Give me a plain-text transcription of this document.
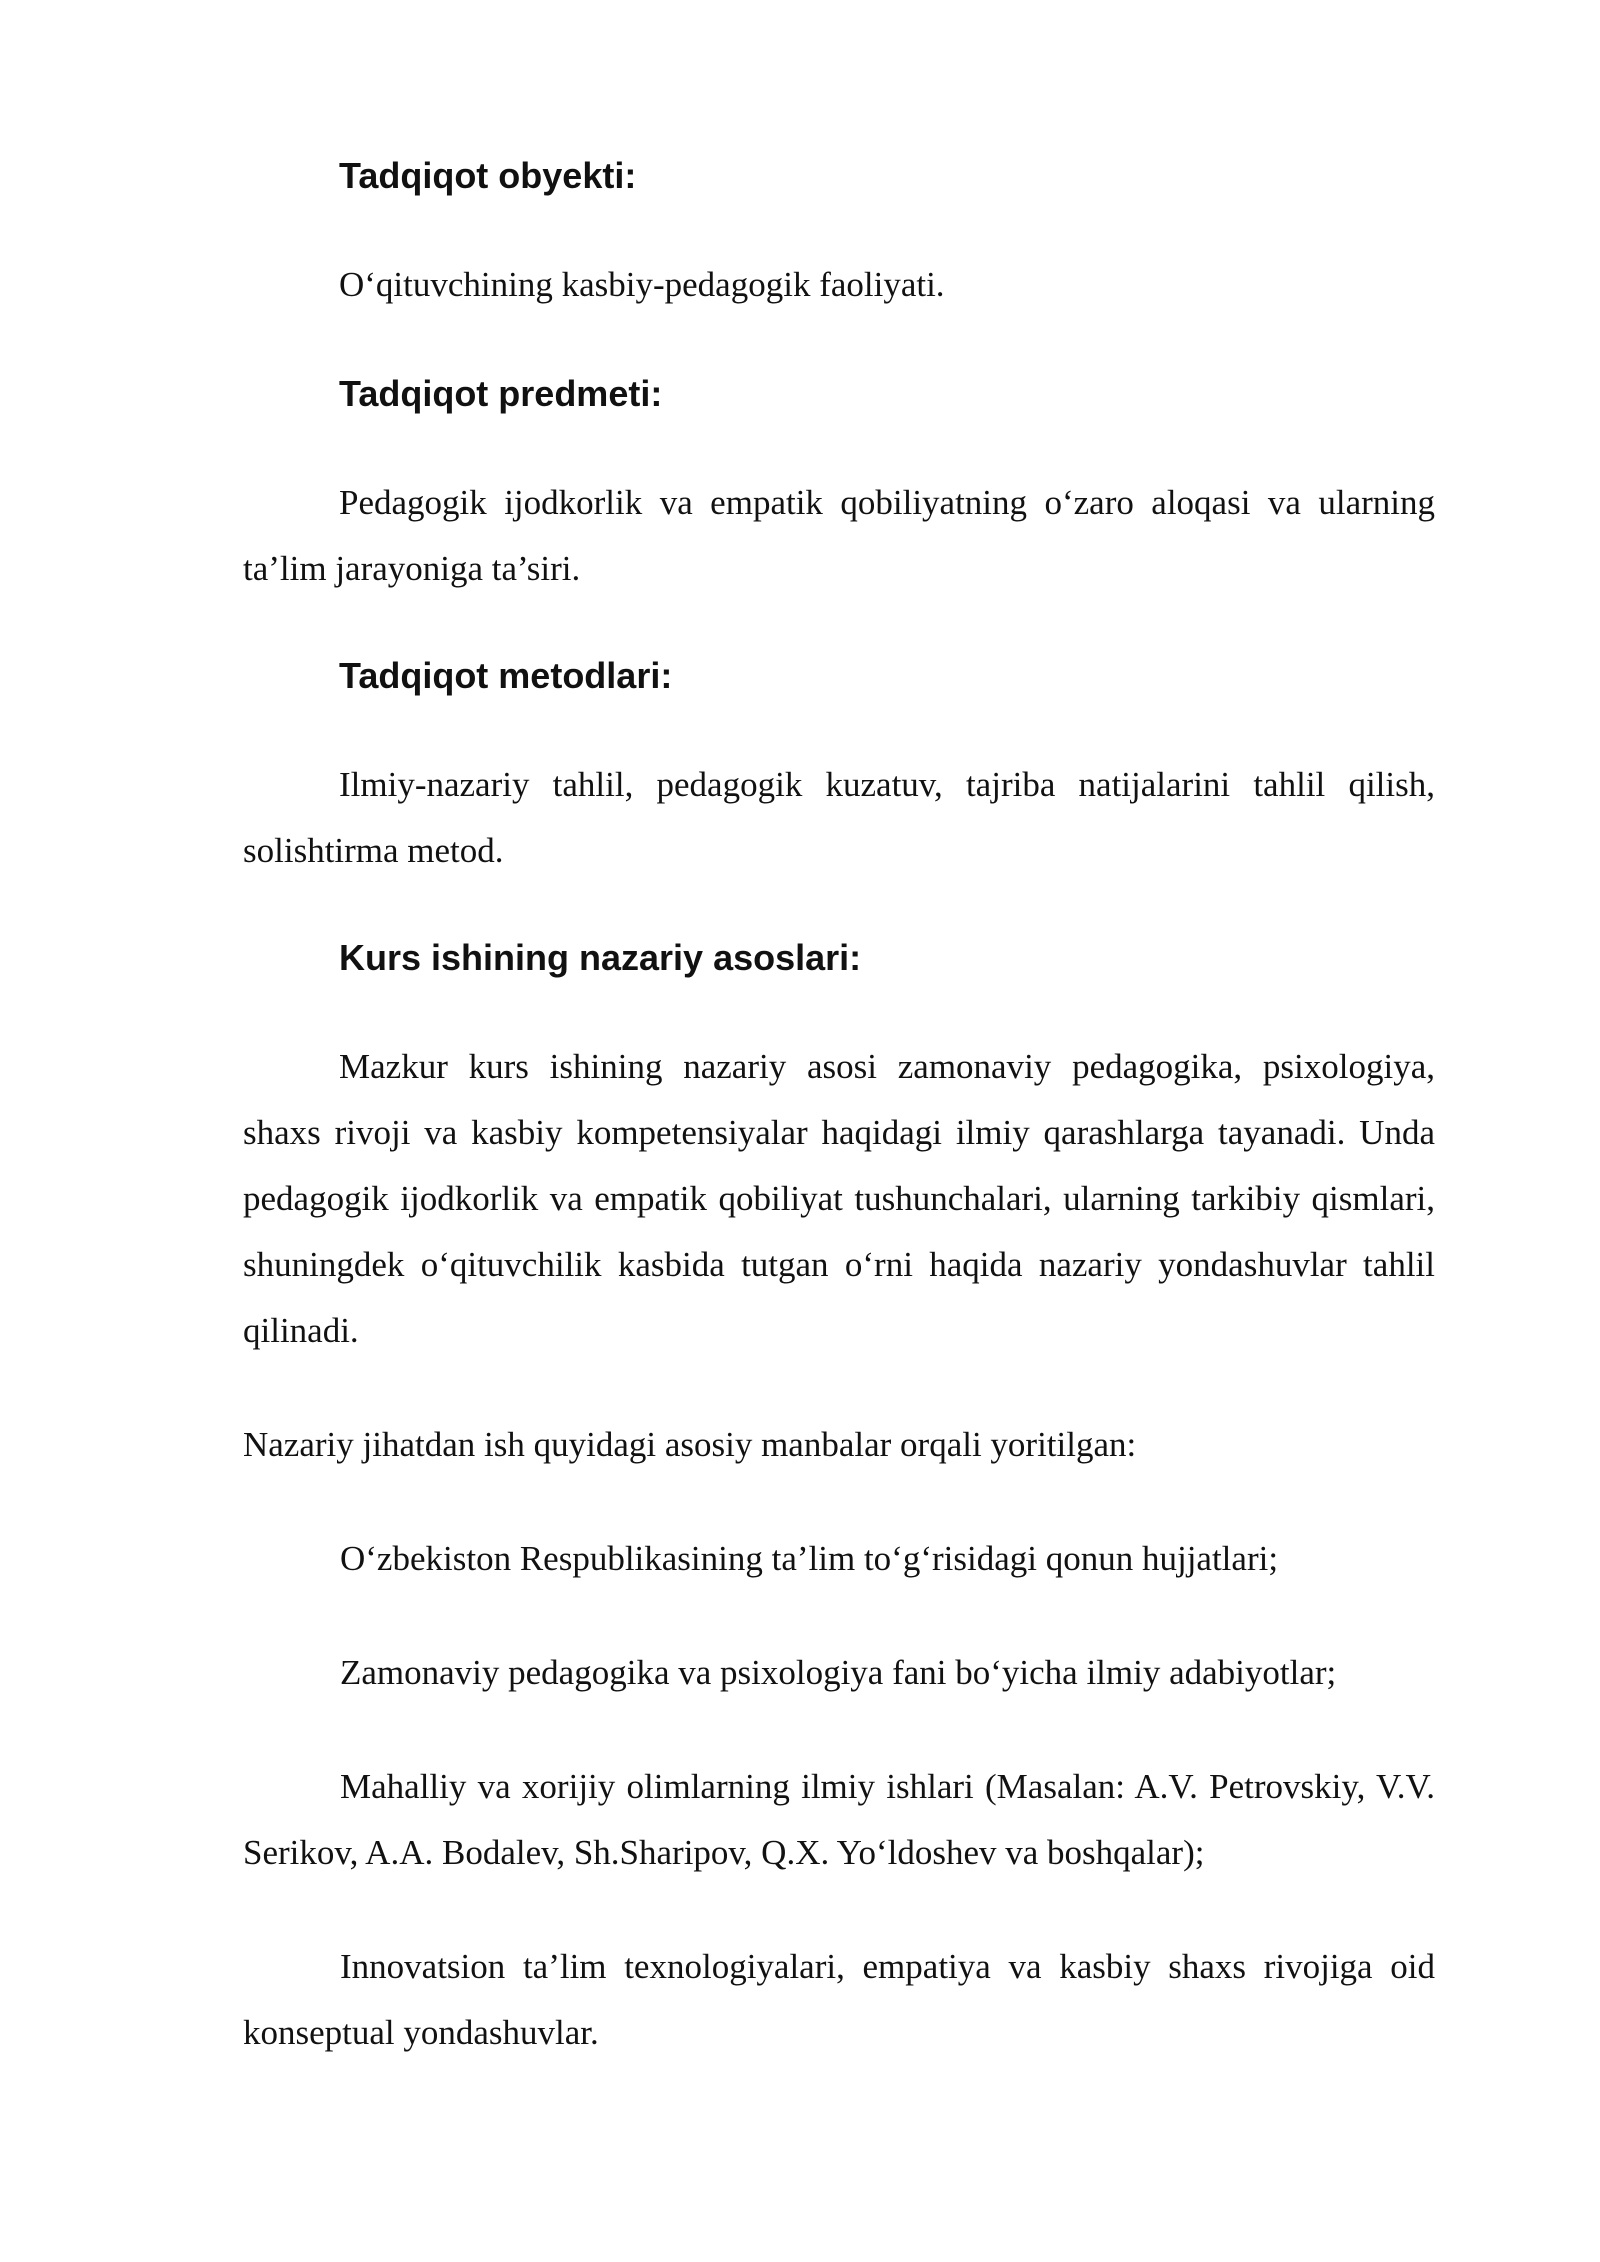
Tadqiqot obyekti:

O‘qituvchining kasbiy-pedagogik faoliyati.

Tadqiqot predmeti:

Pedagogik ijodkorlik va empatik qobiliyatning o‘zaro aloqasi va ularning ta’lim jarayoniga ta’siri.

Tadqiqot metodlari:

Ilmiy-nazariy tahlil, pedagogik kuzatuv, tajriba natijalarini tahlil qilish, solishtirma metod.

Kurs ishining nazariy asoslari:

Mazkur kurs ishining nazariy asosi zamonaviy pedagogika, psixologiya, shaxs rivoji va kasbiy kompetensiyalar haqidagi ilmiy qarashlarga tayanadi. Unda pedagogik ijodkorlik va empatik qobiliyat tushunchalari, ularning tarkibiy qismlari, shuningdek o‘qituvchilik kasbida tutgan o‘rni haqida nazariy yondashuvlar tahlil qilinadi.

Nazariy jihatdan ish quyidagi asosiy manbalar orqali yoritilgan:

O‘zbekiston Respublikasining ta’lim to‘g‘risidagi qonun hujjatlari;

Zamonaviy pedagogika va psixologiya fani bo‘yicha ilmiy adabiyotlar;

Mahalliy va xorijiy olimlarning ilmiy ishlari (Masalan: A.V. Petrovskiy, V.V. Serikov, A.A. Bodalev, Sh.Sharipov, Q.X. Yo‘ldoshev va boshqalar);

Innovatsion ta’lim texnologiyalari, empatiya va kasbiy shaxs rivojiga oid konseptual yondashuvlar.
